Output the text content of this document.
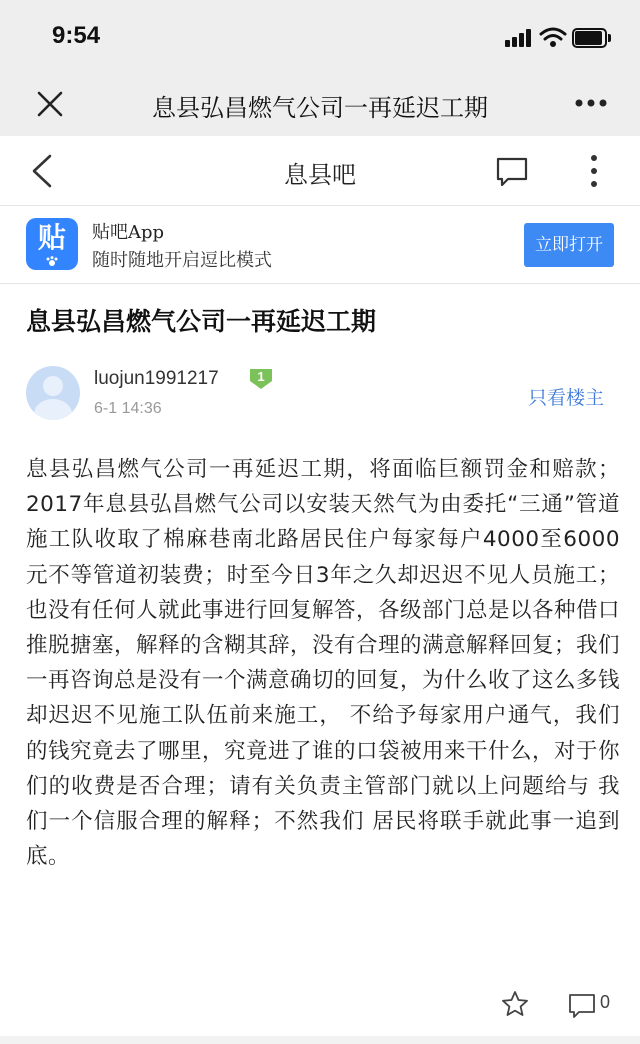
9:54
息县弘昌燃气公司一再延迟工期
息县吧
贴	贴吧App
随时随地开启逗比模式
立即打开
息县弘昌燃气公司一再延迟工期
luojun1991217	1
6-1 14:36	只看楼主
息县弘昌燃气公司一再延迟工期，将面临巨额罚金和赔款；2017年息县弘昌燃气公司以安装天然气为由委托“三通”管道施工队收取了棉麻巷南北路居民住户每家每户4000至6000元不等管道初装费；时至今日3年之久却迟迟不见人员施工；也没有任何人就此事进行回复解答，各级部门总是以各种借口推脱搪塞，解释的含糊其辞，没有合理的满意解释回复；我们一再咨询总是没有一个满意确切的回复，为什么收了这么多钱却迟迟不见施工队伍前来施工， 不给予每家用户通气，我们的钱究竟去了哪里，究竟进了谁的口袋被用来干什么，对于你们的收费是否合理；请有关负责主管部门就以上问题给与 我们一个信服合理的解释；不然我们 居民将联手就此事一追到底。
0
